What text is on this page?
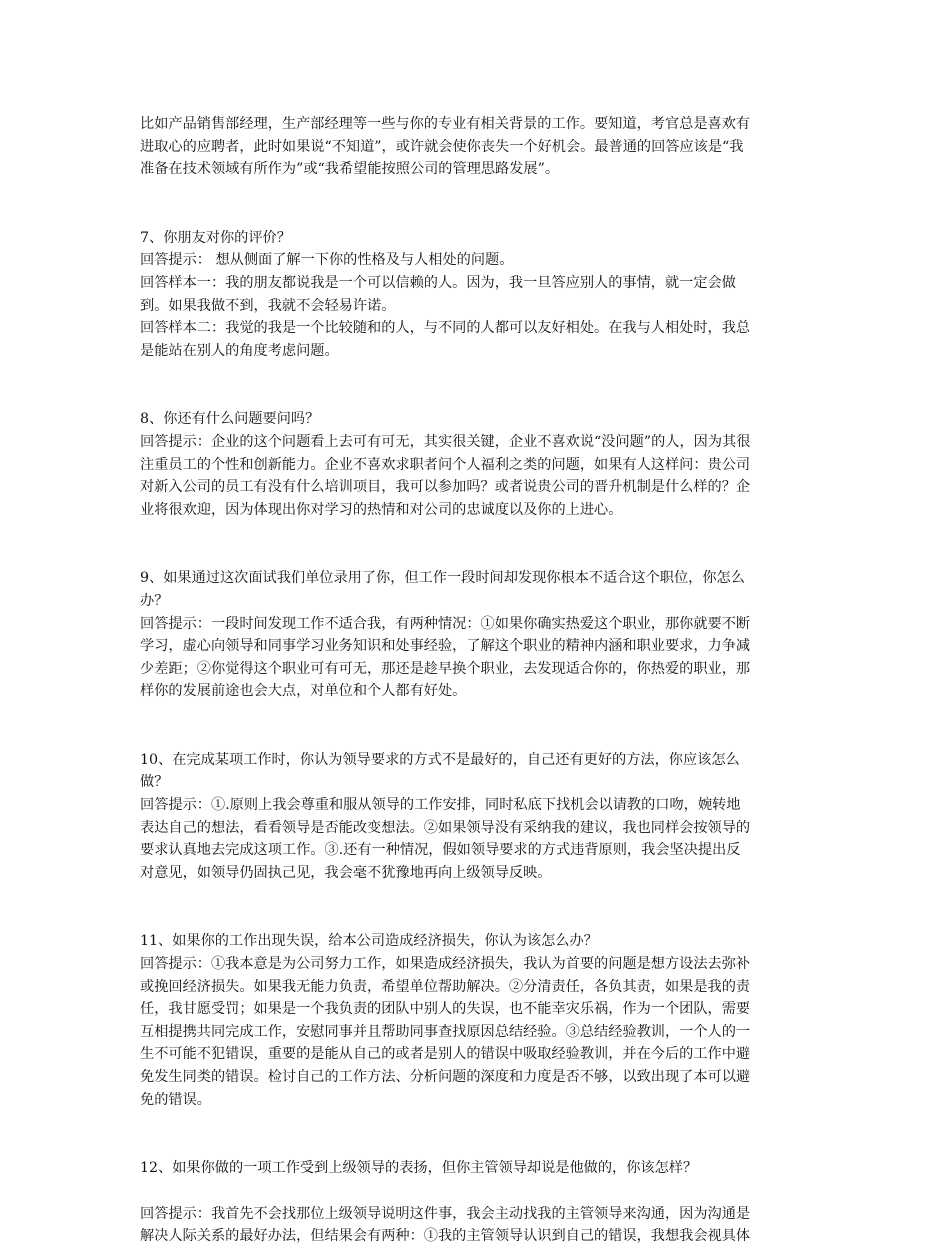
比如产品销售部经理，生产部经理等一些与你的专业有相关背景的工作。要知道，考官总是喜欢有
进取心的应聘者，此时如果说“不知道”，或许就会使你丧失一个好机会。最普通的回答应该是“我
准备在技术领域有所作为”或“我希望能按照公司的管理思路发展”。
7、你朋友对你的评价？
回答提示： 想从侧面了解一下你的性格及与人相处的问题。
回答样本一：我的朋友都说我是一个可以信赖的人。因为，我一旦答应别人的事情，就一定会做
到。如果我做不到，我就不会轻易许诺。
回答样本二：我觉的我是一个比较随和的人，与不同的人都可以友好相处。在我与人相处时，我总
是能站在别人的角度考虑问题。
8、你还有什么问题要问吗？
回答提示：企业的这个问题看上去可有可无，其实很关键，企业不喜欢说“没问题”的人，因为其很
注重员工的个性和创新能力。企业不喜欢求职者问个人福利之类的问题，如果有人这样问：贵公司
对新入公司的员工有没有什么培训项目，我可以参加吗？或者说贵公司的晋升机制是什么样的？企
业将很欢迎，因为体现出你对学习的热情和对公司的忠诚度以及你的上进心。
9、如果通过这次面试我们单位录用了你，但工作一段时间却发现你根本不适合这个职位，你怎么
办？
回答提示：一段时间发现工作不适合我，有两种情况：①如果你确实热爱这个职业，那你就要不断
学习，虚心向领导和同事学习业务知识和处事经验，了解这个职业的精神内涵和职业要求，力争减
少差距；②你觉得这个职业可有可无，那还是趁早换个职业，去发现适合你的，你热爱的职业，那
样你的发展前途也会大点，对单位和个人都有好处。
10、在完成某项工作时，你认为领导要求的方式不是最好的，自己还有更好的方法，你应该怎么
做？
回答提示：①.原则上我会尊重和服从领导的工作安排，同时私底下找机会以请教的口吻，婉转地
表达自己的想法，看看领导是否能改变想法。②如果领导没有采纳我的建议，我也同样会按领导的
要求认真地去完成这项工作。③.还有一种情况，假如领导要求的方式违背原则，我会坚决提出反
对意见，如领导仍固执己见，我会毫不犹豫地再向上级领导反映。
11、如果你的工作出现失误，给本公司造成经济损失，你认为该怎么办？
回答提示：①我本意是为公司努力工作，如果造成经济损失，我认为首要的问题是想方设法去弥补
或挽回经济损失。如果我无能力负责，希望单位帮助解决。②分清责任，各负其责，如果是我的责
任，我甘愿受罚；如果是一个我负责的团队中别人的失误，也不能幸灾乐祸，作为一个团队，需要
互相提携共同完成工作，安慰同事并且帮助同事查找原因总结经验。③总结经验教训，一个人的一
生不可能不犯错误，重要的是能从自己的或者是别人的错误中吸取经验教训，并在今后的工作中避
免发生同类的错误。检讨自己的工作方法、分析问题的深度和力度是否不够，以致出现了本可以避
免的错误。
12、如果你做的一项工作受到上级领导的表扬，但你主管领导却说是他做的，你该怎样？
回答提示：我首先不会找那位上级领导说明这件事，我会主动找我的主管领导来沟通，因为沟通是
解决人际关系的最好办法，但结果会有两种：①我的主管领导认识到自己的错误，我想我会视具体
